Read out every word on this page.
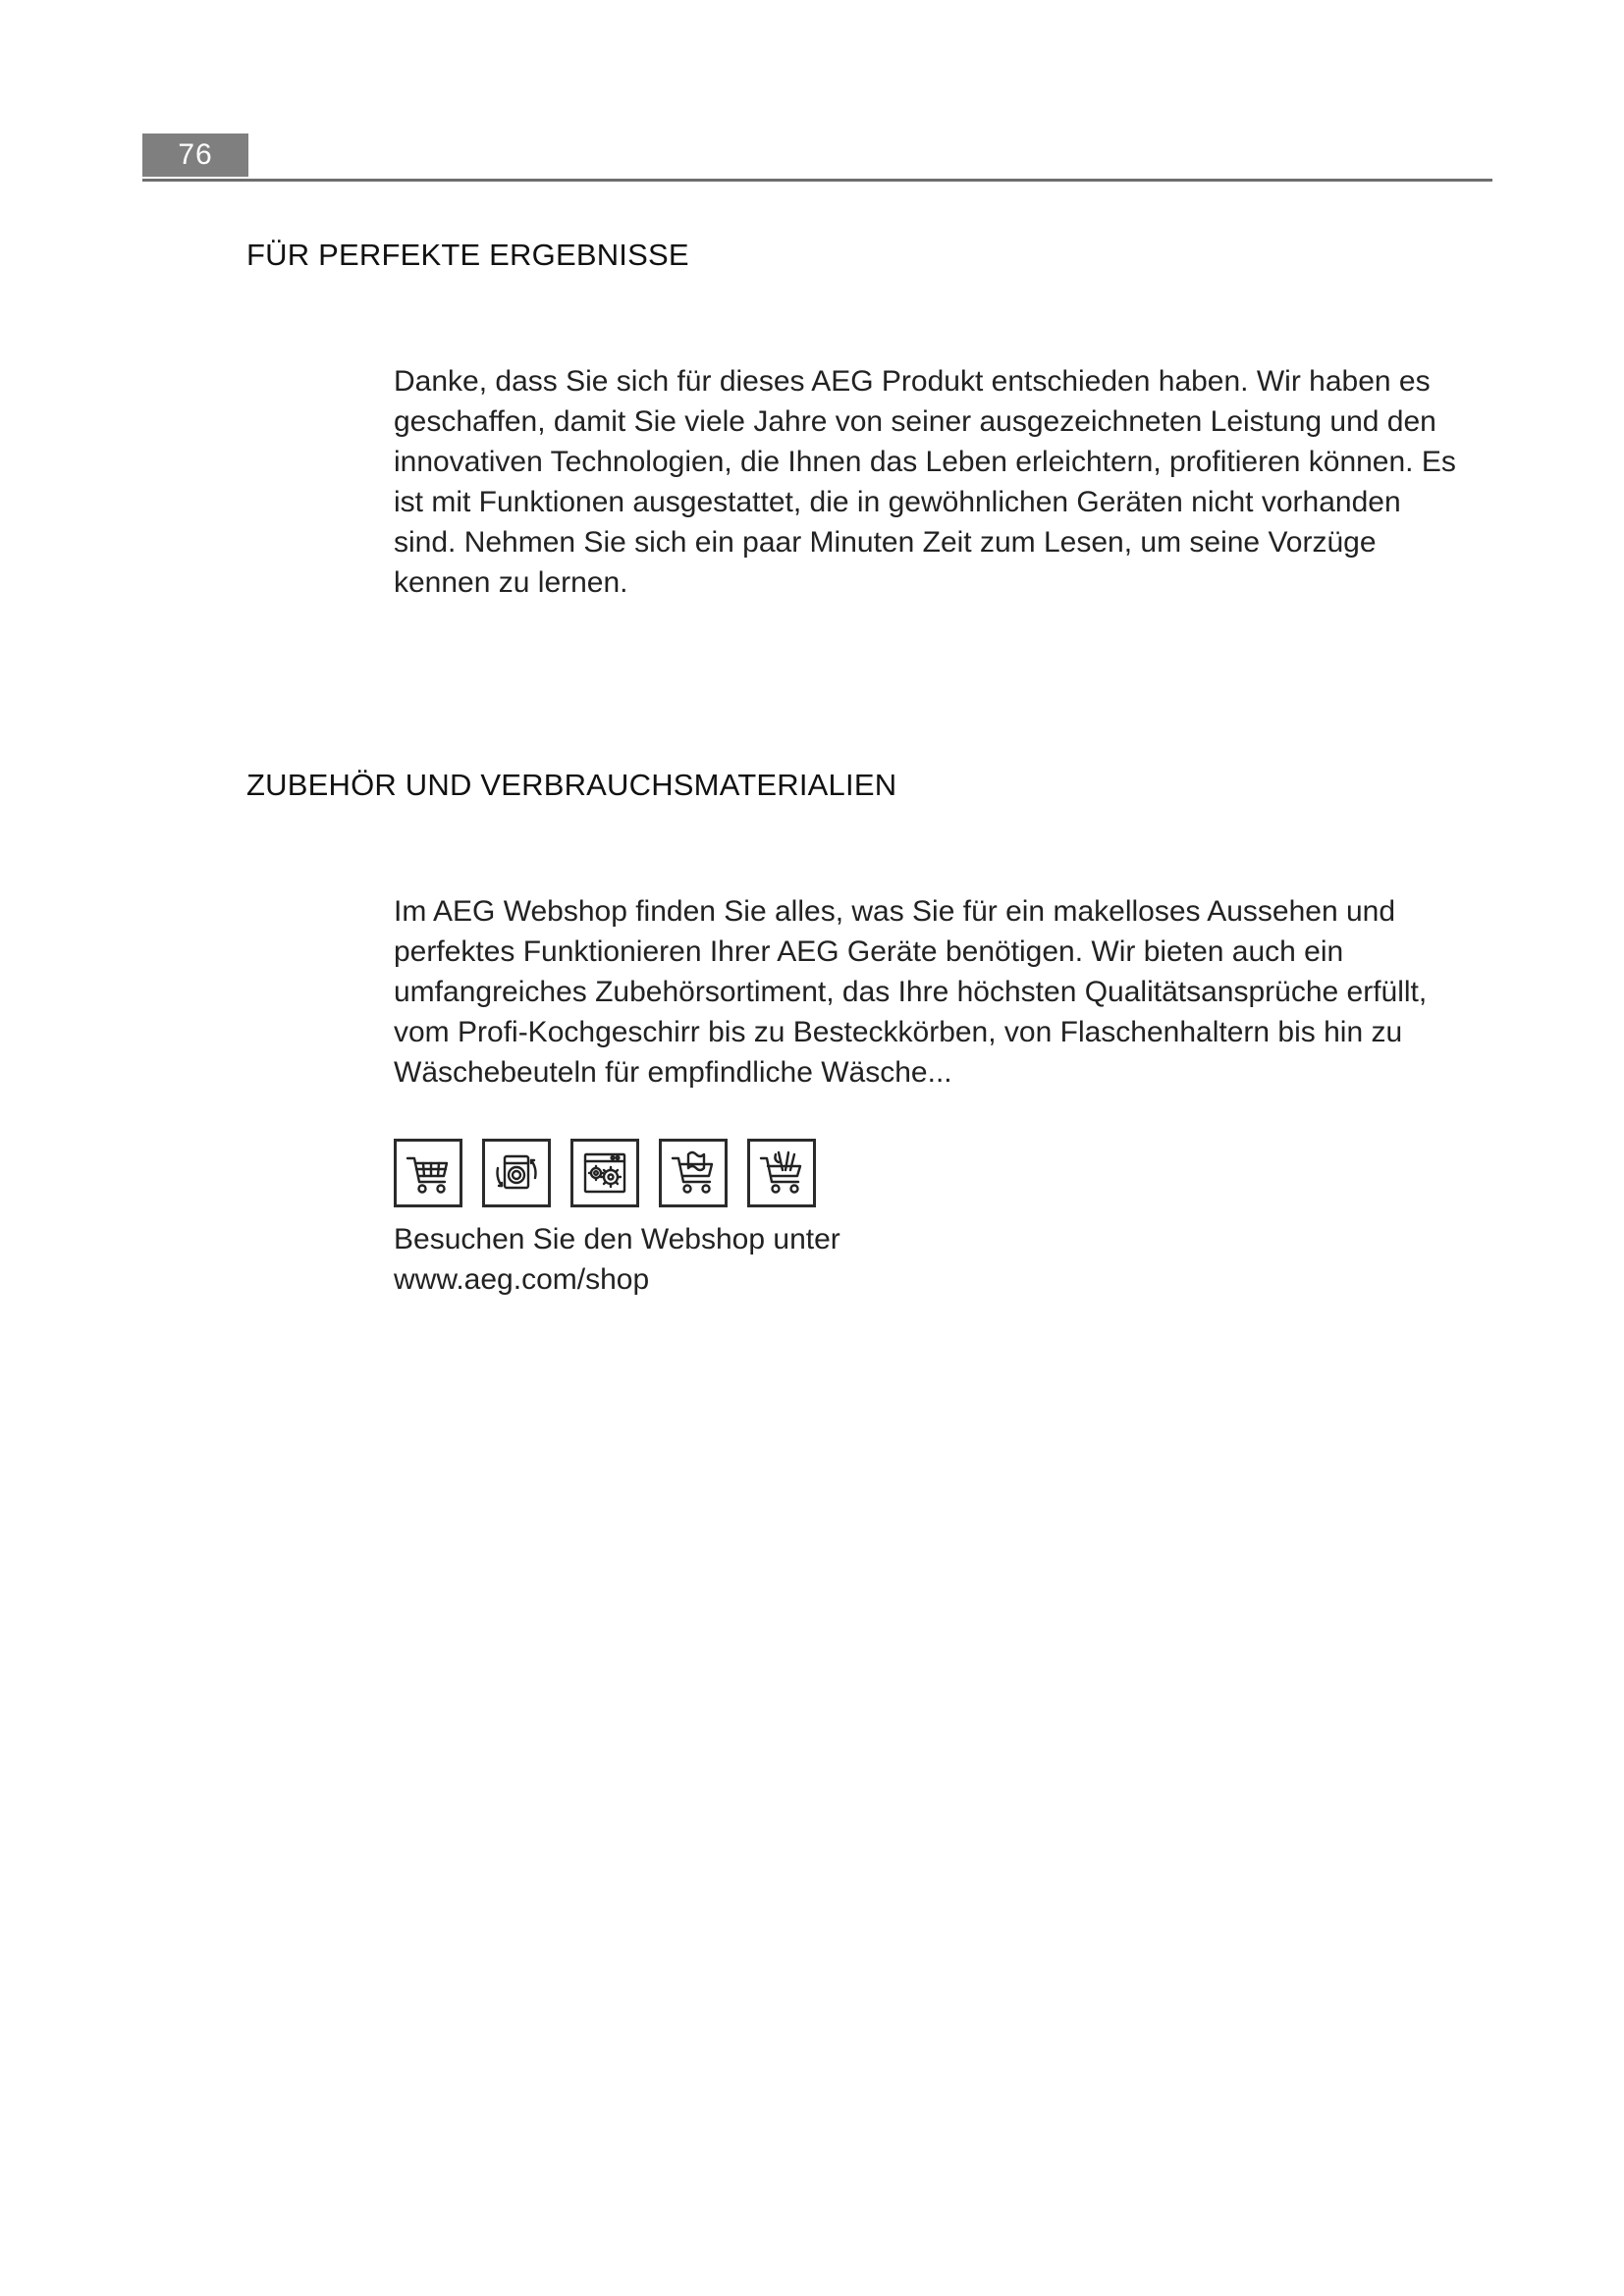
76
FÜR PERFEKTE ERGEBNISSE

Danke, dass Sie sich für dieses AEG Produkt entschieden haben. Wir haben es
geschaffen, damit Sie viele Jahre von seiner ausgezeichneten Leistung und den
innovativen Technologien, die Ihnen das Leben erleichtern, profitieren können. Es
ist mit Funktionen ausgestattet, die in gewöhnlichen Geräten nicht vorhanden
sind. Nehmen Sie sich ein paar Minuten Zeit zum Lesen, um seine Vorzüge
kennen zu lernen.

ZUBEHÖR UND VERBRAUCHSMATERIALIEN

Im AEG Webshop finden Sie alles, was Sie für ein makelloses Aussehen und
perfektes Funktionieren Ihrer AEG Geräte benötigen. Wir bieten auch ein
umfangreiches Zubehörsortiment, das Ihre höchsten Qualitätsansprüche erfüllt,
vom Profi-Kochgeschirr bis zu Besteckkörben, von Flaschenhaltern bis hin zu
Wäschebeuteln für empfindliche Wäsche...

Besuchen Sie den Webshop unter
www.aeg.com/shop
